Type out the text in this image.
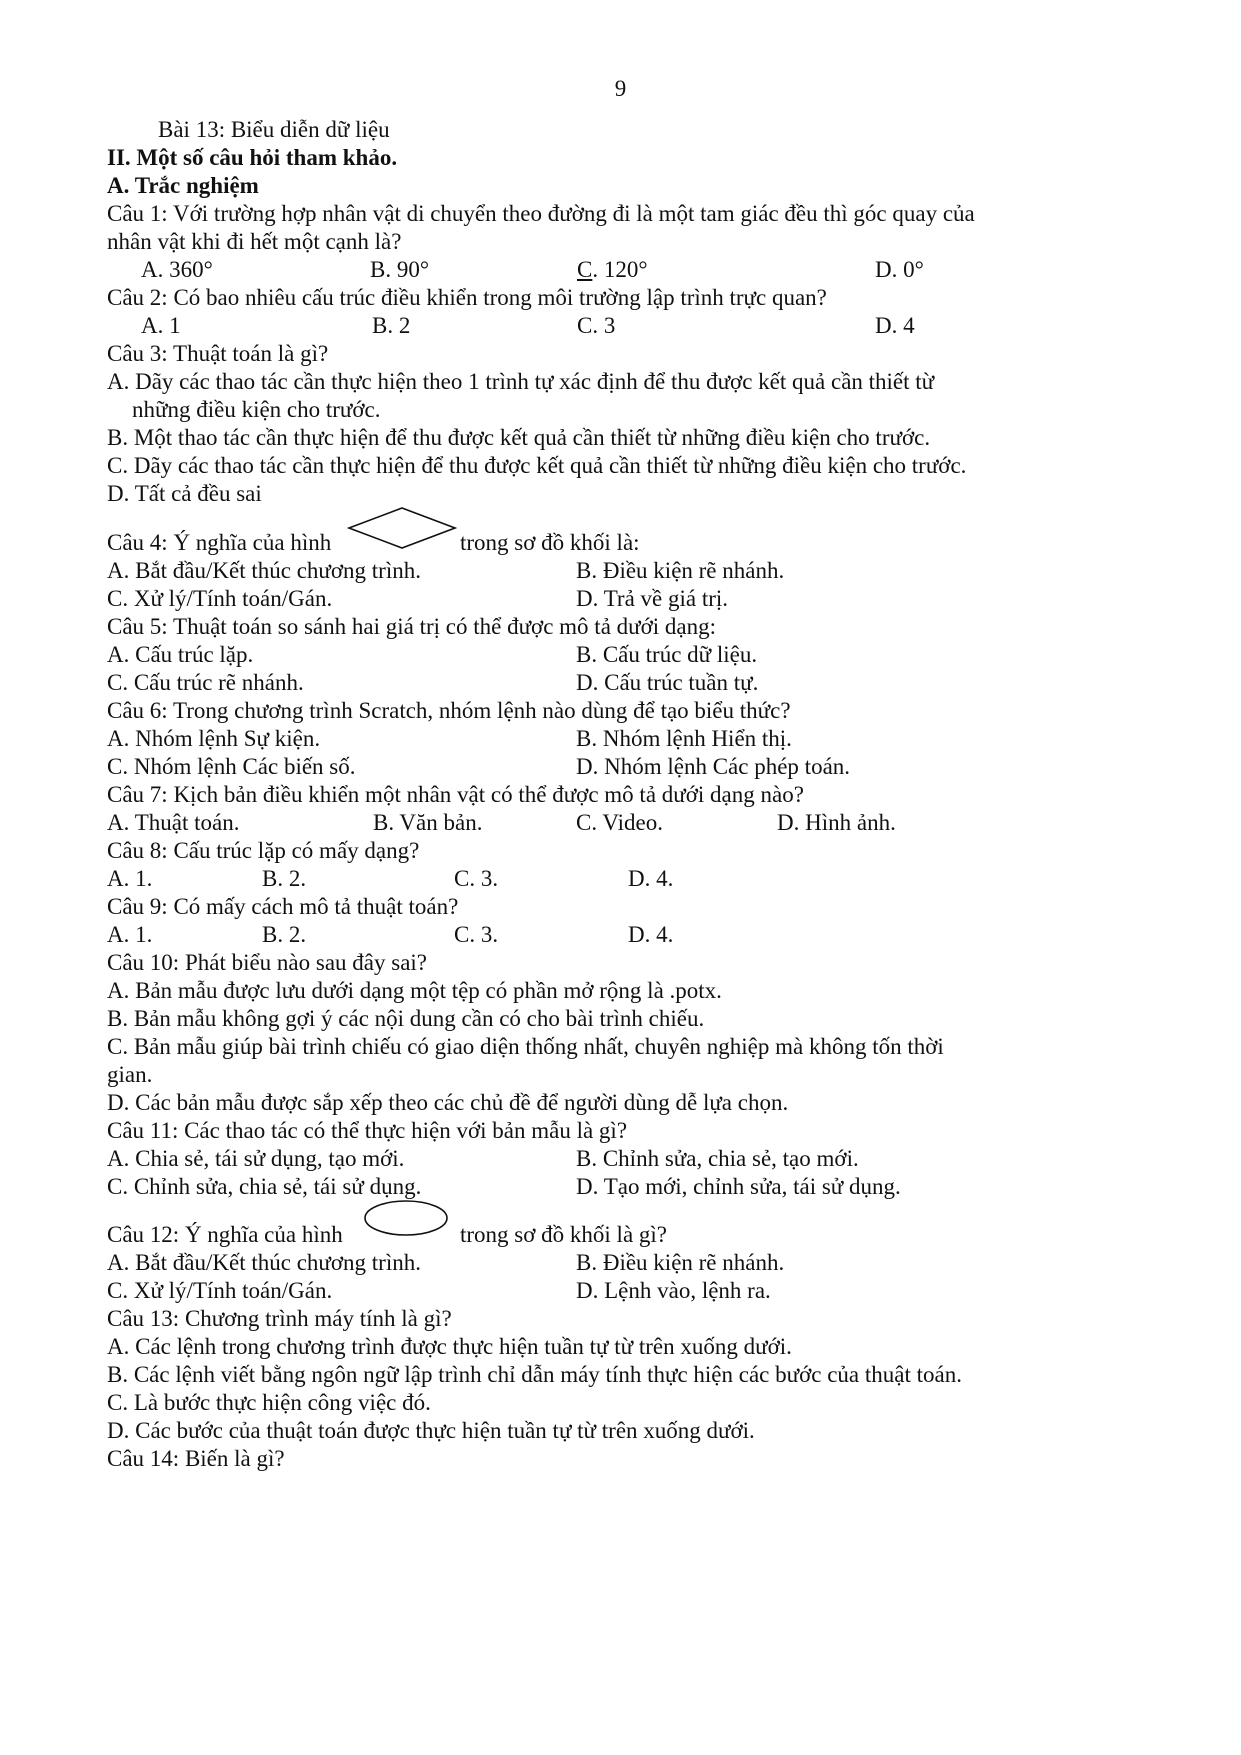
9
Bài 13: Biểu diễn dữ liệu
II. Một số câu hỏi tham khảo.
A. Trắc nghiệm
Câu 1: Với trường hợp nhân vật di chuyển theo đường đi là một tam giác đều thì góc quay của
nhân vật khi đi hết một cạnh là?
A. 360°	B. 90°	C. 120°	D. 0°
Câu 2: Có bao nhiêu cấu trúc điều khiển trong môi trường lập trình trực quan?
A. 1	B. 2	C. 3	D. 4
Câu 3: Thuật toán là gì?
A. Dãy các thao tác cần thực hiện theo 1 trình tự xác định để thu được kết quả cần thiết từ
những điều kiện cho trước.
B. Một thao tác cần thực hiện để thu được kết quả cần thiết từ những điều kiện cho trước.
C. Dãy các thao tác cần thực hiện để thu được kết quả cần thiết từ những điều kiện cho trước.
D. Tất cả đều sai
Câu 4: Ý nghĩa của hình	trong sơ đồ khối là:
A. Bắt đầu/Kết thúc chương trình.	B. Điều kiện rẽ nhánh.
C. Xử lý/Tính toán/Gán.	D. Trả về giá trị.
Câu 5: Thuật toán so sánh hai giá trị có thể được mô tả dưới dạng:
A. Cấu trúc lặp.	B. Cấu trúc dữ liệu.
C. Cấu trúc rẽ nhánh.	D. Cấu trúc tuần tự.
Câu 6: Trong chương trình Scratch, nhóm lệnh nào dùng để tạo biểu thức?
A. Nhóm lệnh Sự kiện.	B. Nhóm lệnh Hiển thị.
C. Nhóm lệnh Các biến số.	D. Nhóm lệnh Các phép toán.
Câu 7: Kịch bản điều khiển một nhân vật có thể được mô tả dưới dạng nào?
A. Thuật toán.	B. Văn bản.	C. Video.	D. Hình ảnh.
Câu 8: Cấu trúc lặp có mấy dạng?
A. 1.	B. 2.	C. 3.	D. 4.
Câu 9: Có mấy cách mô tả thuật toán?
A. 1.	B. 2.	C. 3.	D. 4.
Câu 10: Phát biểu nào sau đây sai?
A. Bản mẫu được lưu dưới dạng một tệp có phần mở rộng là .potx.
B. Bản mẫu không gợi ý các nội dung cần có cho bài trình chiếu.
C. Bản mẫu giúp bài trình chiếu có giao diện thống nhất, chuyên nghiệp mà không tốn thời
gian.
D. Các bản mẫu được sắp xếp theo các chủ đề để người dùng dễ lựa chọn.
Câu 11: Các thao tác có thể thực hiện với bản mẫu là gì?
A. Chia sẻ, tái sử dụng, tạo mới.	B. Chỉnh sửa, chia sẻ, tạo mới.
C. Chỉnh sửa, chia sẻ, tái sử dụng.	D. Tạo mới, chỉnh sửa, tái sử dụng.
Câu 12: Ý nghĩa của hình	trong sơ đồ khối là gì?
A. Bắt đầu/Kết thúc chương trình.	B. Điều kiện rẽ nhánh.
C. Xử lý/Tính toán/Gán.	D. Lệnh vào, lệnh ra.
Câu 13: Chương trình máy tính là gì?
A. Các lệnh trong chương trình được thực hiện tuần tự từ trên xuống dưới.
B. Các lệnh viết bằng ngôn ngữ lập trình chỉ dẫn máy tính thực hiện các bước của thuật toán.
C. Là bước thực hiện công việc đó.
D. Các bước của thuật toán được thực hiện tuần tự từ trên xuống dưới.
Câu 14: Biến là gì?
